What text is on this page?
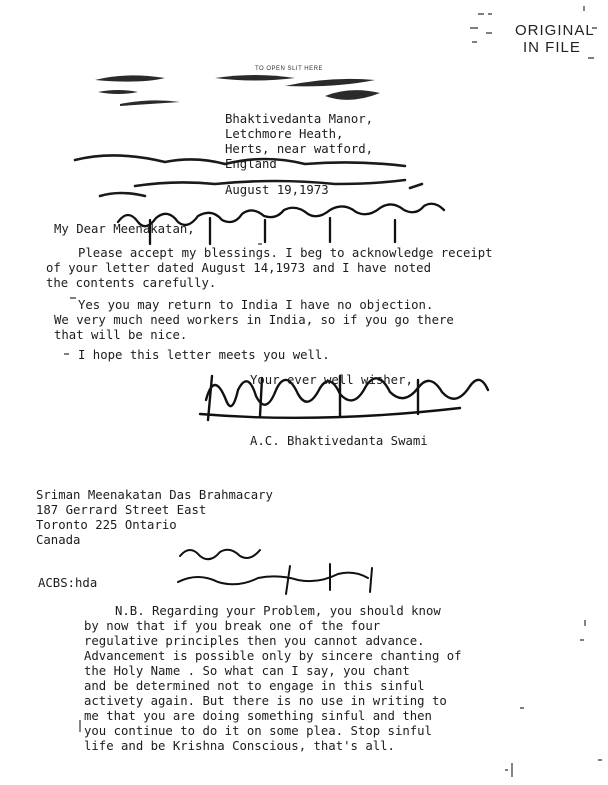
ORIGINAL
IN FILE
TO OPEN SLIT HERE
Bhaktivedanta Manor,
Letchmore Heath,
Herts, near watford,
England
August 19,1973
My Dear Meenakatan,
Please accept my blessings. I beg to acknowledge receipt
of your letter dated August 14,1973 and I have noted
the contents carefully.
Yes you may return to India I have no objection.
We very much need workers in India, so if you go there
that will be nice.
I hope this letter meets you well.
Your ever well wisher,
A.C. Bhaktivedanta Swami
Sriman Meenakatan Das Brahmacary
187 Gerrard Street East
Toronto 225 Ontario
Canada
ACBS:hda
N.B. Regarding your Problem, you should know
by now that if you break one of the four
regulative principles then you cannot advance.
Advancement is possible only by sincere chanting of
the Holy Name . So what can I say, you chant
and be determined not to engage in this sinful
activety again. But there is no use in writing to
me that you are doing something sinful and then
you continue to do it on some plea. Stop sinful
life and be Krishna Conscious, that's all.
